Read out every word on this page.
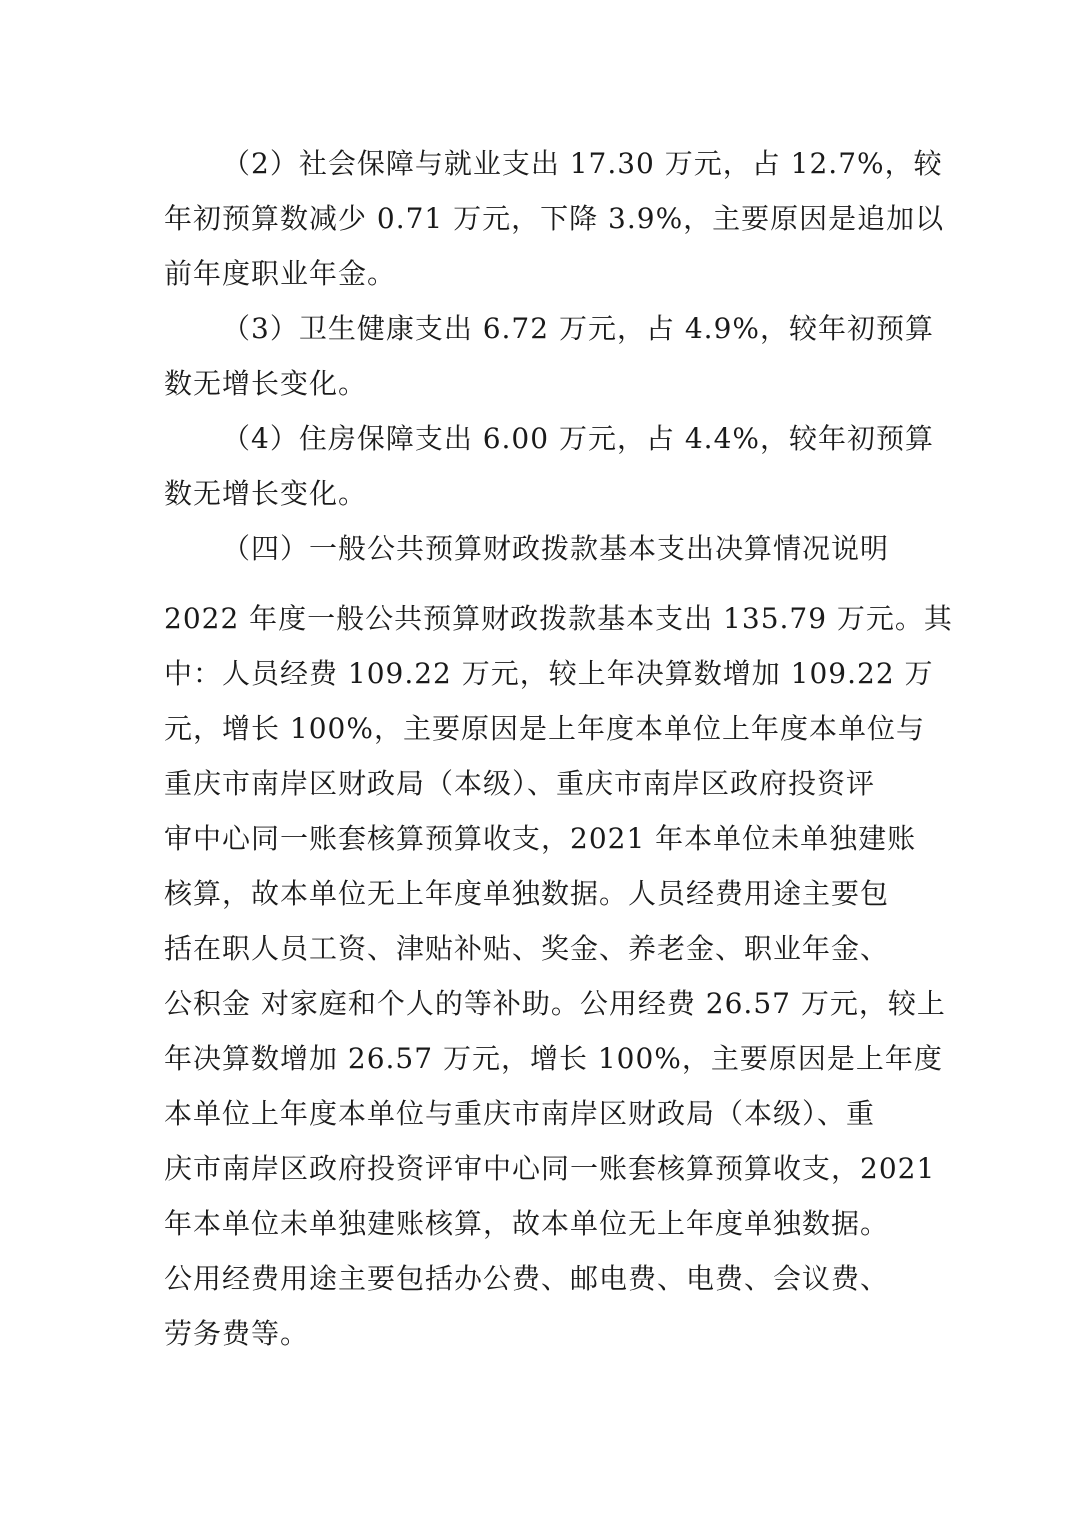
（2）社会保障与就业支出 17.30 万元，占 12.7%，较
年初预算数减少 0.71 万元，下降 3.9%，主要原因是追加以
前年度职业年金。
（3）卫生健康支出 6.72 万元，占 4.9%，较年初预算
数无增长变化。
（4）住房保障支出 6.00 万元，占 4.4%，较年初预算
数无增长变化。
（四）一般公共预算财政拨款基本支出决算情况说明
2022 年度一般公共预算财政拨款基本支出 135.79 万元。其
中：人员经费 109.22 万元，较上年决算数增加 109.22 万
元，增长 100%，主要原因是上年度本单位上年度本单位与
重庆市南岸区财政局（本级）、重庆市南岸区政府投资评
审中心同一账套核算预算收支，2021 年本单位未单独建账
核算，故本单位无上年度单独数据。人员经费用途主要包
括在职人员工资、津贴补贴、奖金、养老金、职业年金、
公积金 对家庭和个人的等补助。公用经费 26.57 万元，较上
年决算数增加 26.57 万元，增长 100%，主要原因是上年度
本单位上年度本单位与重庆市南岸区财政局（本级）、重
庆市南岸区政府投资评审中心同一账套核算预算收支，2021
年本单位未单独建账核算，故本单位无上年度单独数据。
公用经费用途主要包括办公费、邮电费、电费、会议费、
劳务费等。
